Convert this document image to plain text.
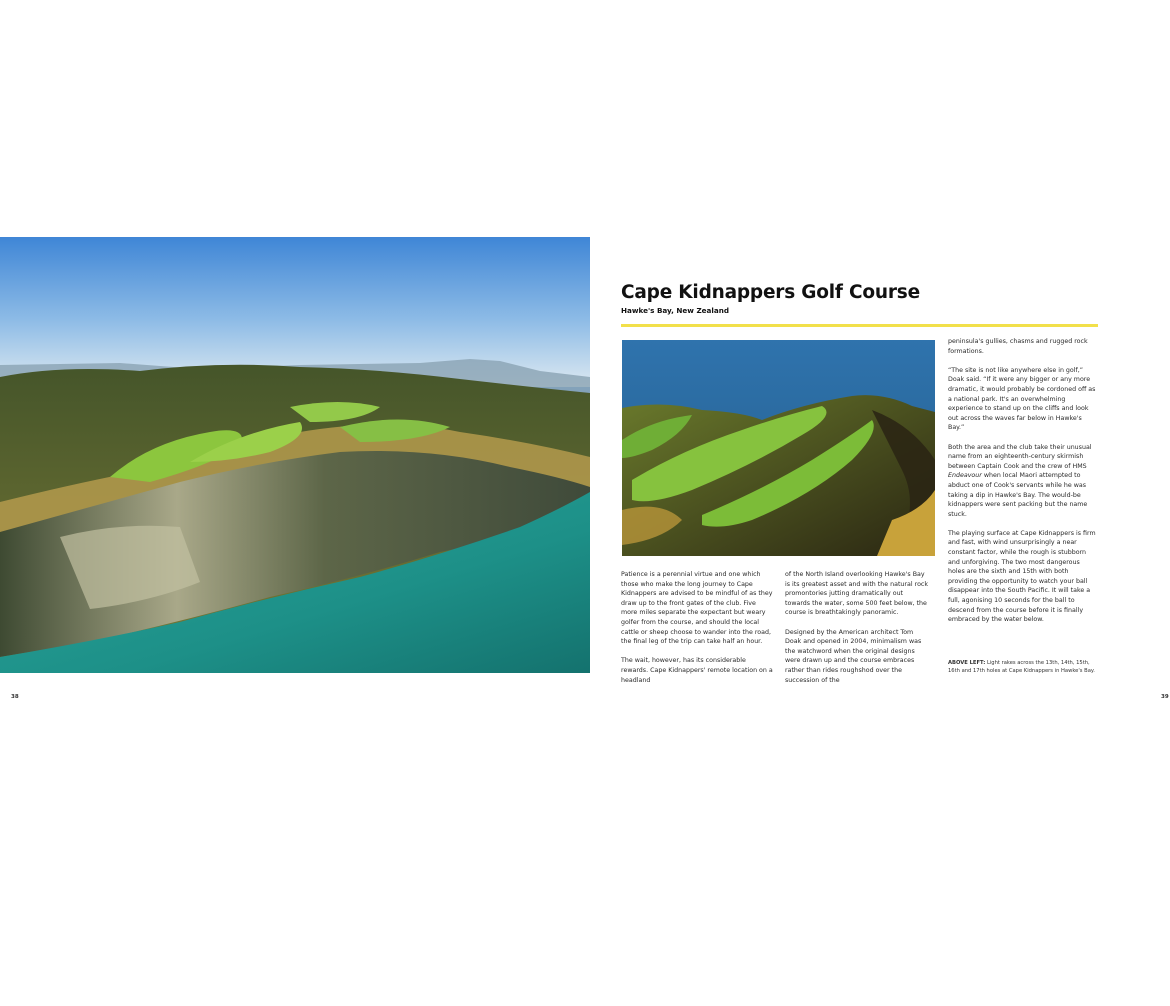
38
Cape Kidnappers Golf Course
Hawke's Bay, New Zealand

Patience is a perennial virtue and one which those who make the long journey to Cape Kidnappers are advised to be mindful of as they draw up to the front gates of the club. Five more miles separate the expectant but weary golfer from the course, and should the local cattle or sheep choose to wander into the road, the final leg of the trip can take half an hour.

The wait, however, has its considerable rewards. Cape Kidnappers' remote location on a headland

of the North Island overlooking Hawke's Bay is its greatest asset and with the natural rock promontories jutting dramatically out towards the water, some 500 feet below, the course is breathtakingly panoramic.

Designed by the American architect Tom Doak and opened in 2004, minimalism was the watchword when the original designs were drawn up and the course embraces rather than rides roughshod over the succession of the

peninsula's gullies, chasms and rugged rock formations.

“The site is not like anywhere else in golf,” Doak said. “If it were any bigger or any more dramatic, it would probably be cordoned off as a national park. It's an overwhelming experience to stand up on the cliffs and look out across the waves far below in Hawke's Bay.”

Both the area and the club take their unusual name from an eighteenth-century skirmish between Captain Cook and the crew of HMS Endeavour when local Maori attempted to abduct one of Cook's servants while he was taking a dip in Hawke's Bay. The would-be kidnappers were sent packing but the name stuck.

The playing surface at Cape Kidnappers is firm and fast, with wind unsurprisingly a near constant factor, while the rough is stubborn and unforgiving. The two most dangerous holes are the sixth and 15th with both providing the opportunity to watch your ball disappear into the South Pacific. It will take a full, agonising 10 seconds for the ball to descend from the course before it is finally embraced by the water below.

ABOVE LEFT: Light rakes across the 13th, 14th, 15th, 16th and 17th holes at Cape Kidnappers in Hawke's Bay.
39
